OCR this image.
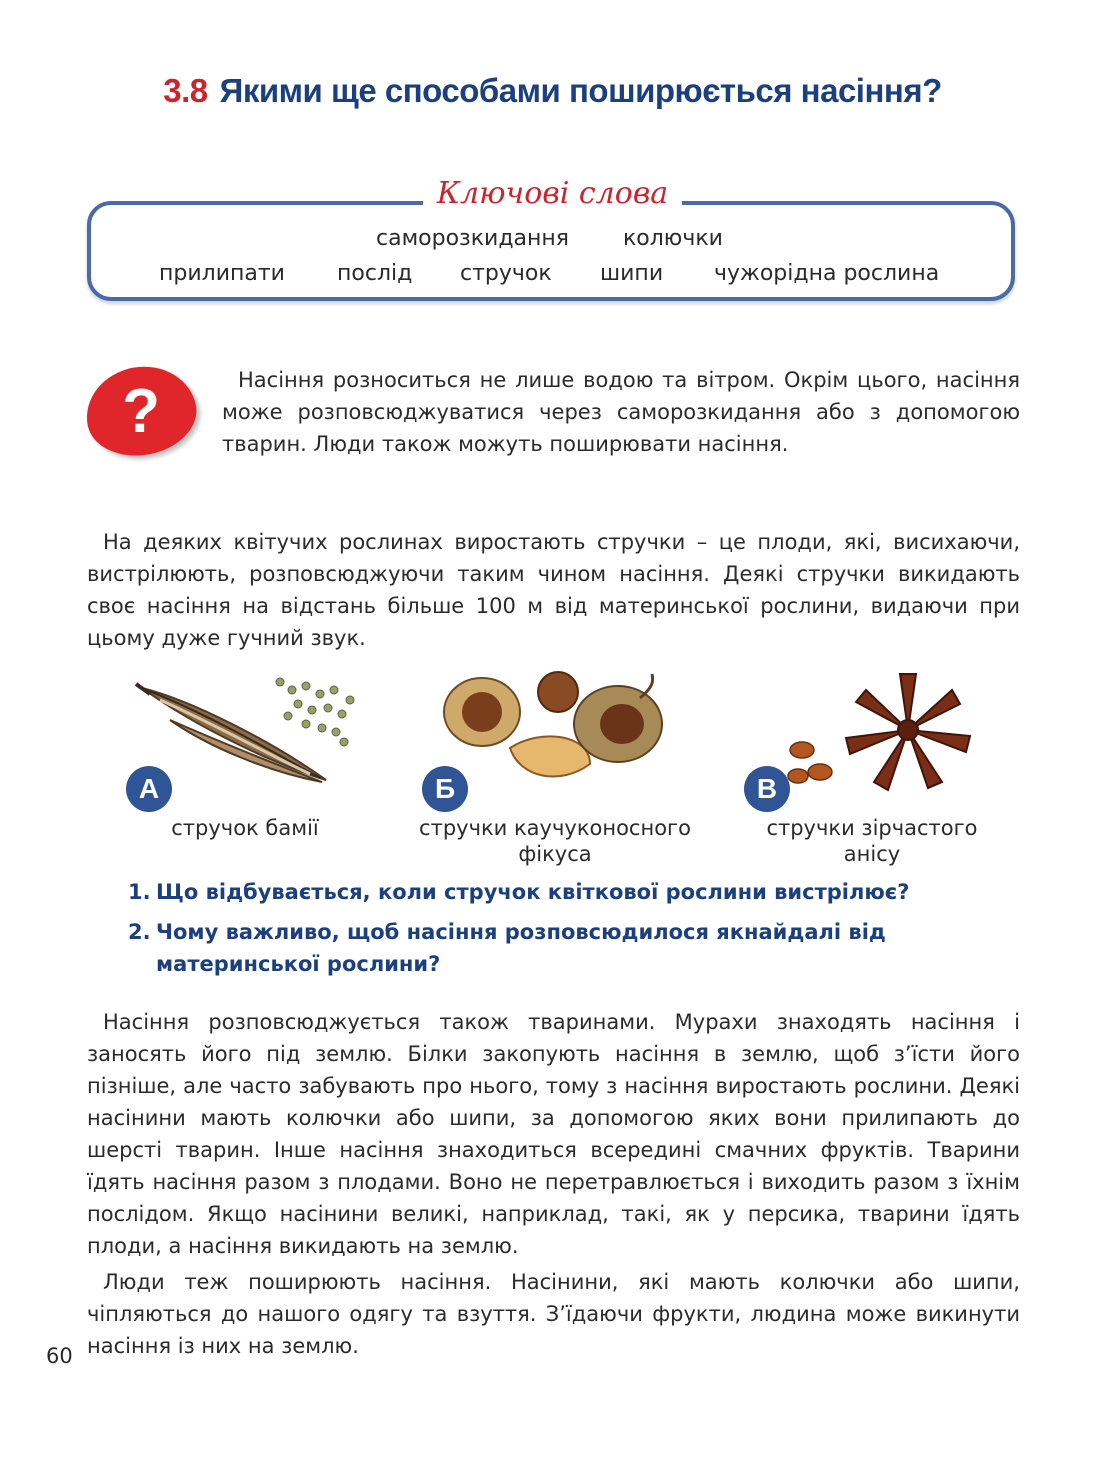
3.8 Якими ще способами поширюється насіння?
Ключові слова
саморозкидання колючки
прилипати послід стручок шипи чужорідна рослина
?	Насіння розноситься не лише водою та вітром. Окрім цього, насіння може розповсюджуватися через саморозкидання або з допомогою тварин. Люди також можуть поширювати насіння.
На деяких квітучих рослинах виростають стручки – це плоди, які, висихаючи, вистрілюють, розповсюджуючи таким чином насіння. Деякі стручки викидають своє насіння на відстань більше 100 м від материнської рослини, видаючи при цьому дуже гучний звук.
А
стручок бамії
Б
стручки каучуконосного фікуса
В
стручки зірчастого анісу
1. Що відбувається, коли стручок квіткової рослини вистрілює?
2. Чому важливо, щоб насіння розповсюдилося якнайдалі від материнської рослини?
Насіння розповсюджується також тваринами. Мурахи знаходять насіння і заносять його під землю. Білки закопують насіння в землю, щоб з’їсти його пізніше, але часто забувають про нього, тому з насіння виростають рослини. Деякі насінини мають колючки або шипи, за допомогою яких вони прилипають до шерсті тварин. Інше насіння знаходиться всередині смачних фруктів. Тварини їдять насіння разом з плодами. Воно не перетравлюється і виходить разом з їхнім послідом. Якщо насінини великі, наприклад, такі, як у персика, тварини їдять плоди, а насіння викидають на землю.
Люди теж поширюють насіння. Насінини, які мають колючки або шипи, чіпляються до нашого одягу та взуття. З’їдаючи фрукти, людина може викинути насіння із них на землю.
60
